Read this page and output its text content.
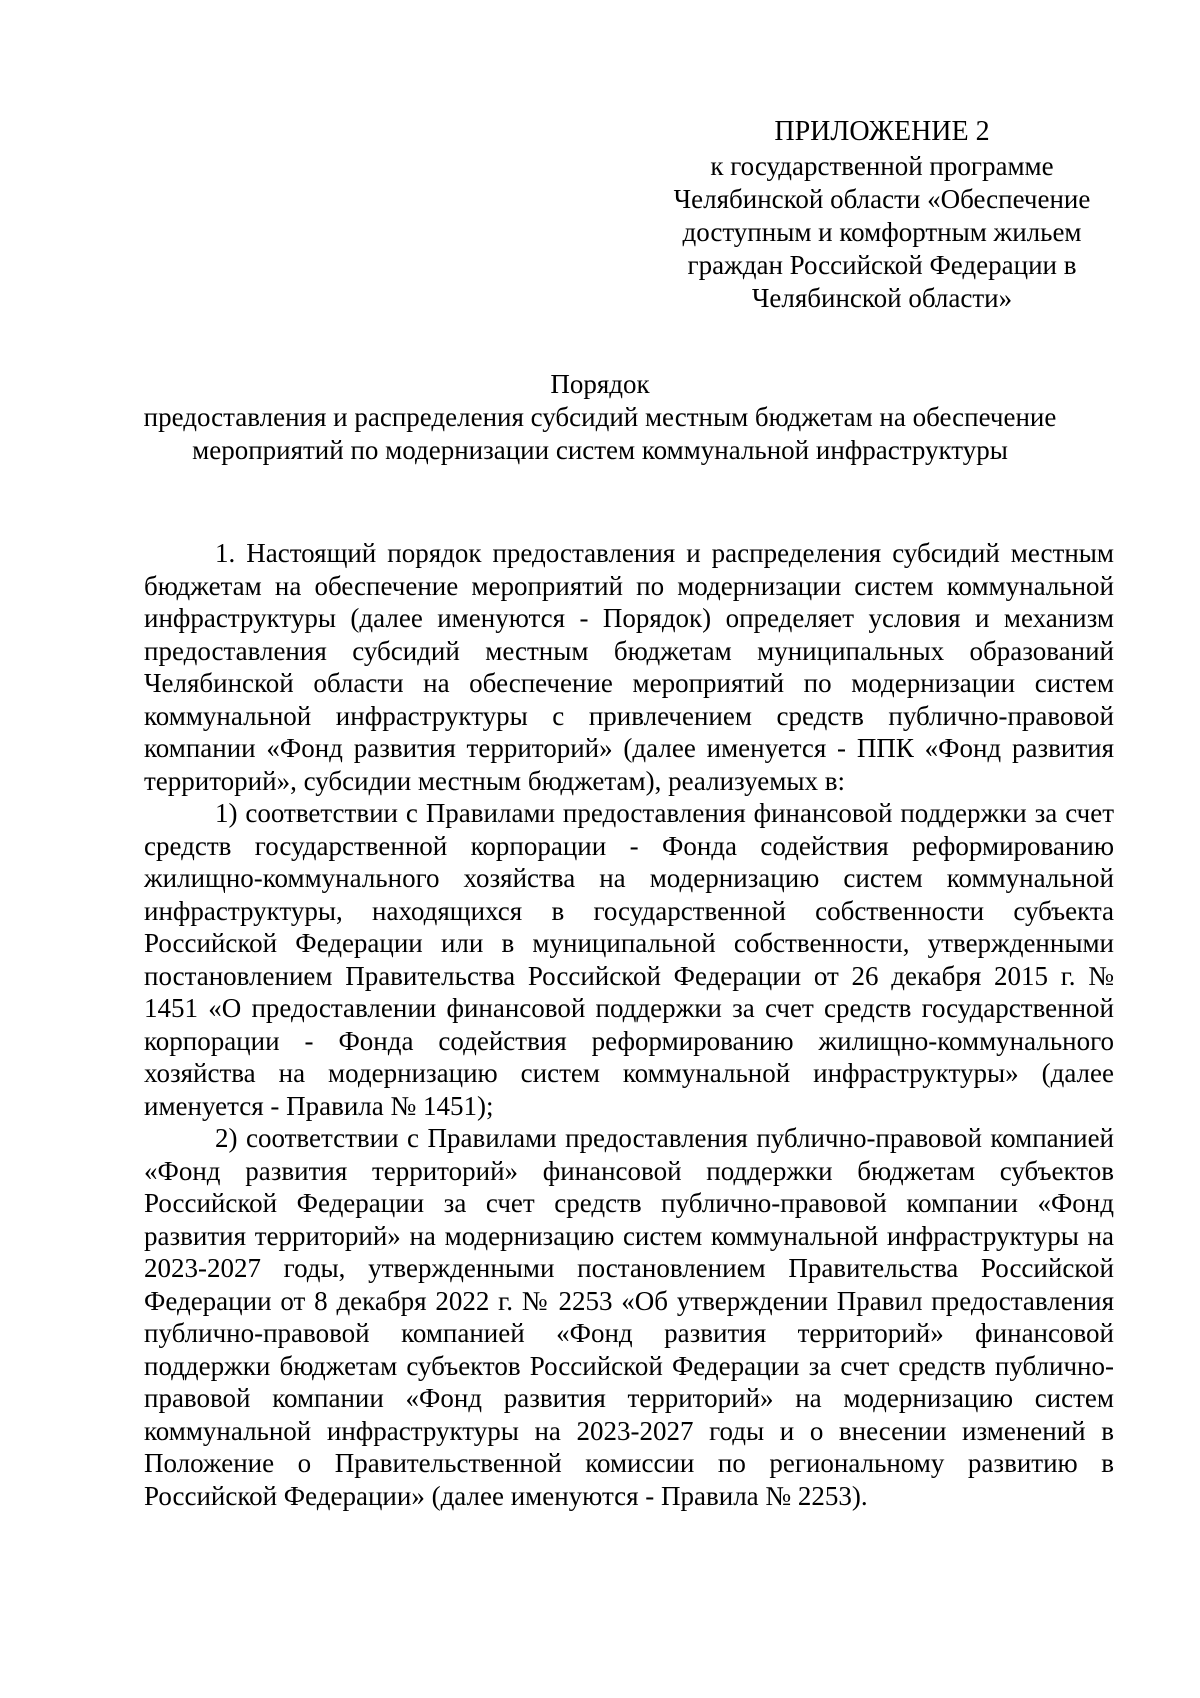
ПРИЛОЖЕНИЕ 2
к государственной программе
Челябинской области «Обеспечение
доступным и комфортным жильем
граждан Российской Федерации в
Челябинской области»
Порядок
предоставления и распределения субсидий местным бюджетам на обеспечение
мероприятий по модернизации систем коммунальной инфраструктуры

1. Настоящий порядок предоставления и распределения субсидий местным бюджетам на обеспечение мероприятий по модернизации систем коммунальной инфраструктуры (далее именуются - Порядок) определяет условия и механизм предоставления субсидий местным бюджетам муниципальных образований Челябинской области на обеспечение мероприятий по модернизации систем коммунальной инфраструктуры с привлечением средств публично-правовой компании «Фонд развития территорий» (далее именуется - ППК «Фонд развития территорий», субсидии местным бюджетам), реализуемых в:

1) соответствии с Правилами предоставления финансовой поддержки за счет средств государственной корпорации - Фонда содействия реформированию жилищно-коммунального хозяйства на модернизацию систем коммунальной инфраструктуры, находящихся в государственной собственности субъекта Российской Федерации или в муниципальной собственности, утвержденными постановлением Правительства Российской Федерации от 26 декабря 2015 г. № 1451 «О предоставлении финансовой поддержки за счет средств государственной корпорации - Фонда содействия реформированию жилищно-коммунального хозяйства на модернизацию систем коммунальной инфраструктуры» (далее именуется - Правила № 1451);

2) соответствии с Правилами предоставления публично-правовой компанией «Фонд развития территорий» финансовой поддержки бюджетам субъектов Российской Федерации за счет средств публично-правовой компании «Фонд развития территорий» на модернизацию систем коммунальной инфраструктуры на 2023-2027 годы, утвержденными постановлением Правительства Российской Федерации от 8 декабря 2022 г. № 2253 «Об утверждении Правил предоставления публично-правовой компанией «Фонд развития территорий» финансовой поддержки бюджетам субъектов Российской Федерации за счет средств публично-правовой компании «Фонд развития территорий» на модернизацию систем коммунальной инфраструктуры на 2023-2027 годы и о внесении изменений в Положение о Правительственной комиссии по региональному развитию в Российской Федерации» (далее именуются - Правила № 2253).
